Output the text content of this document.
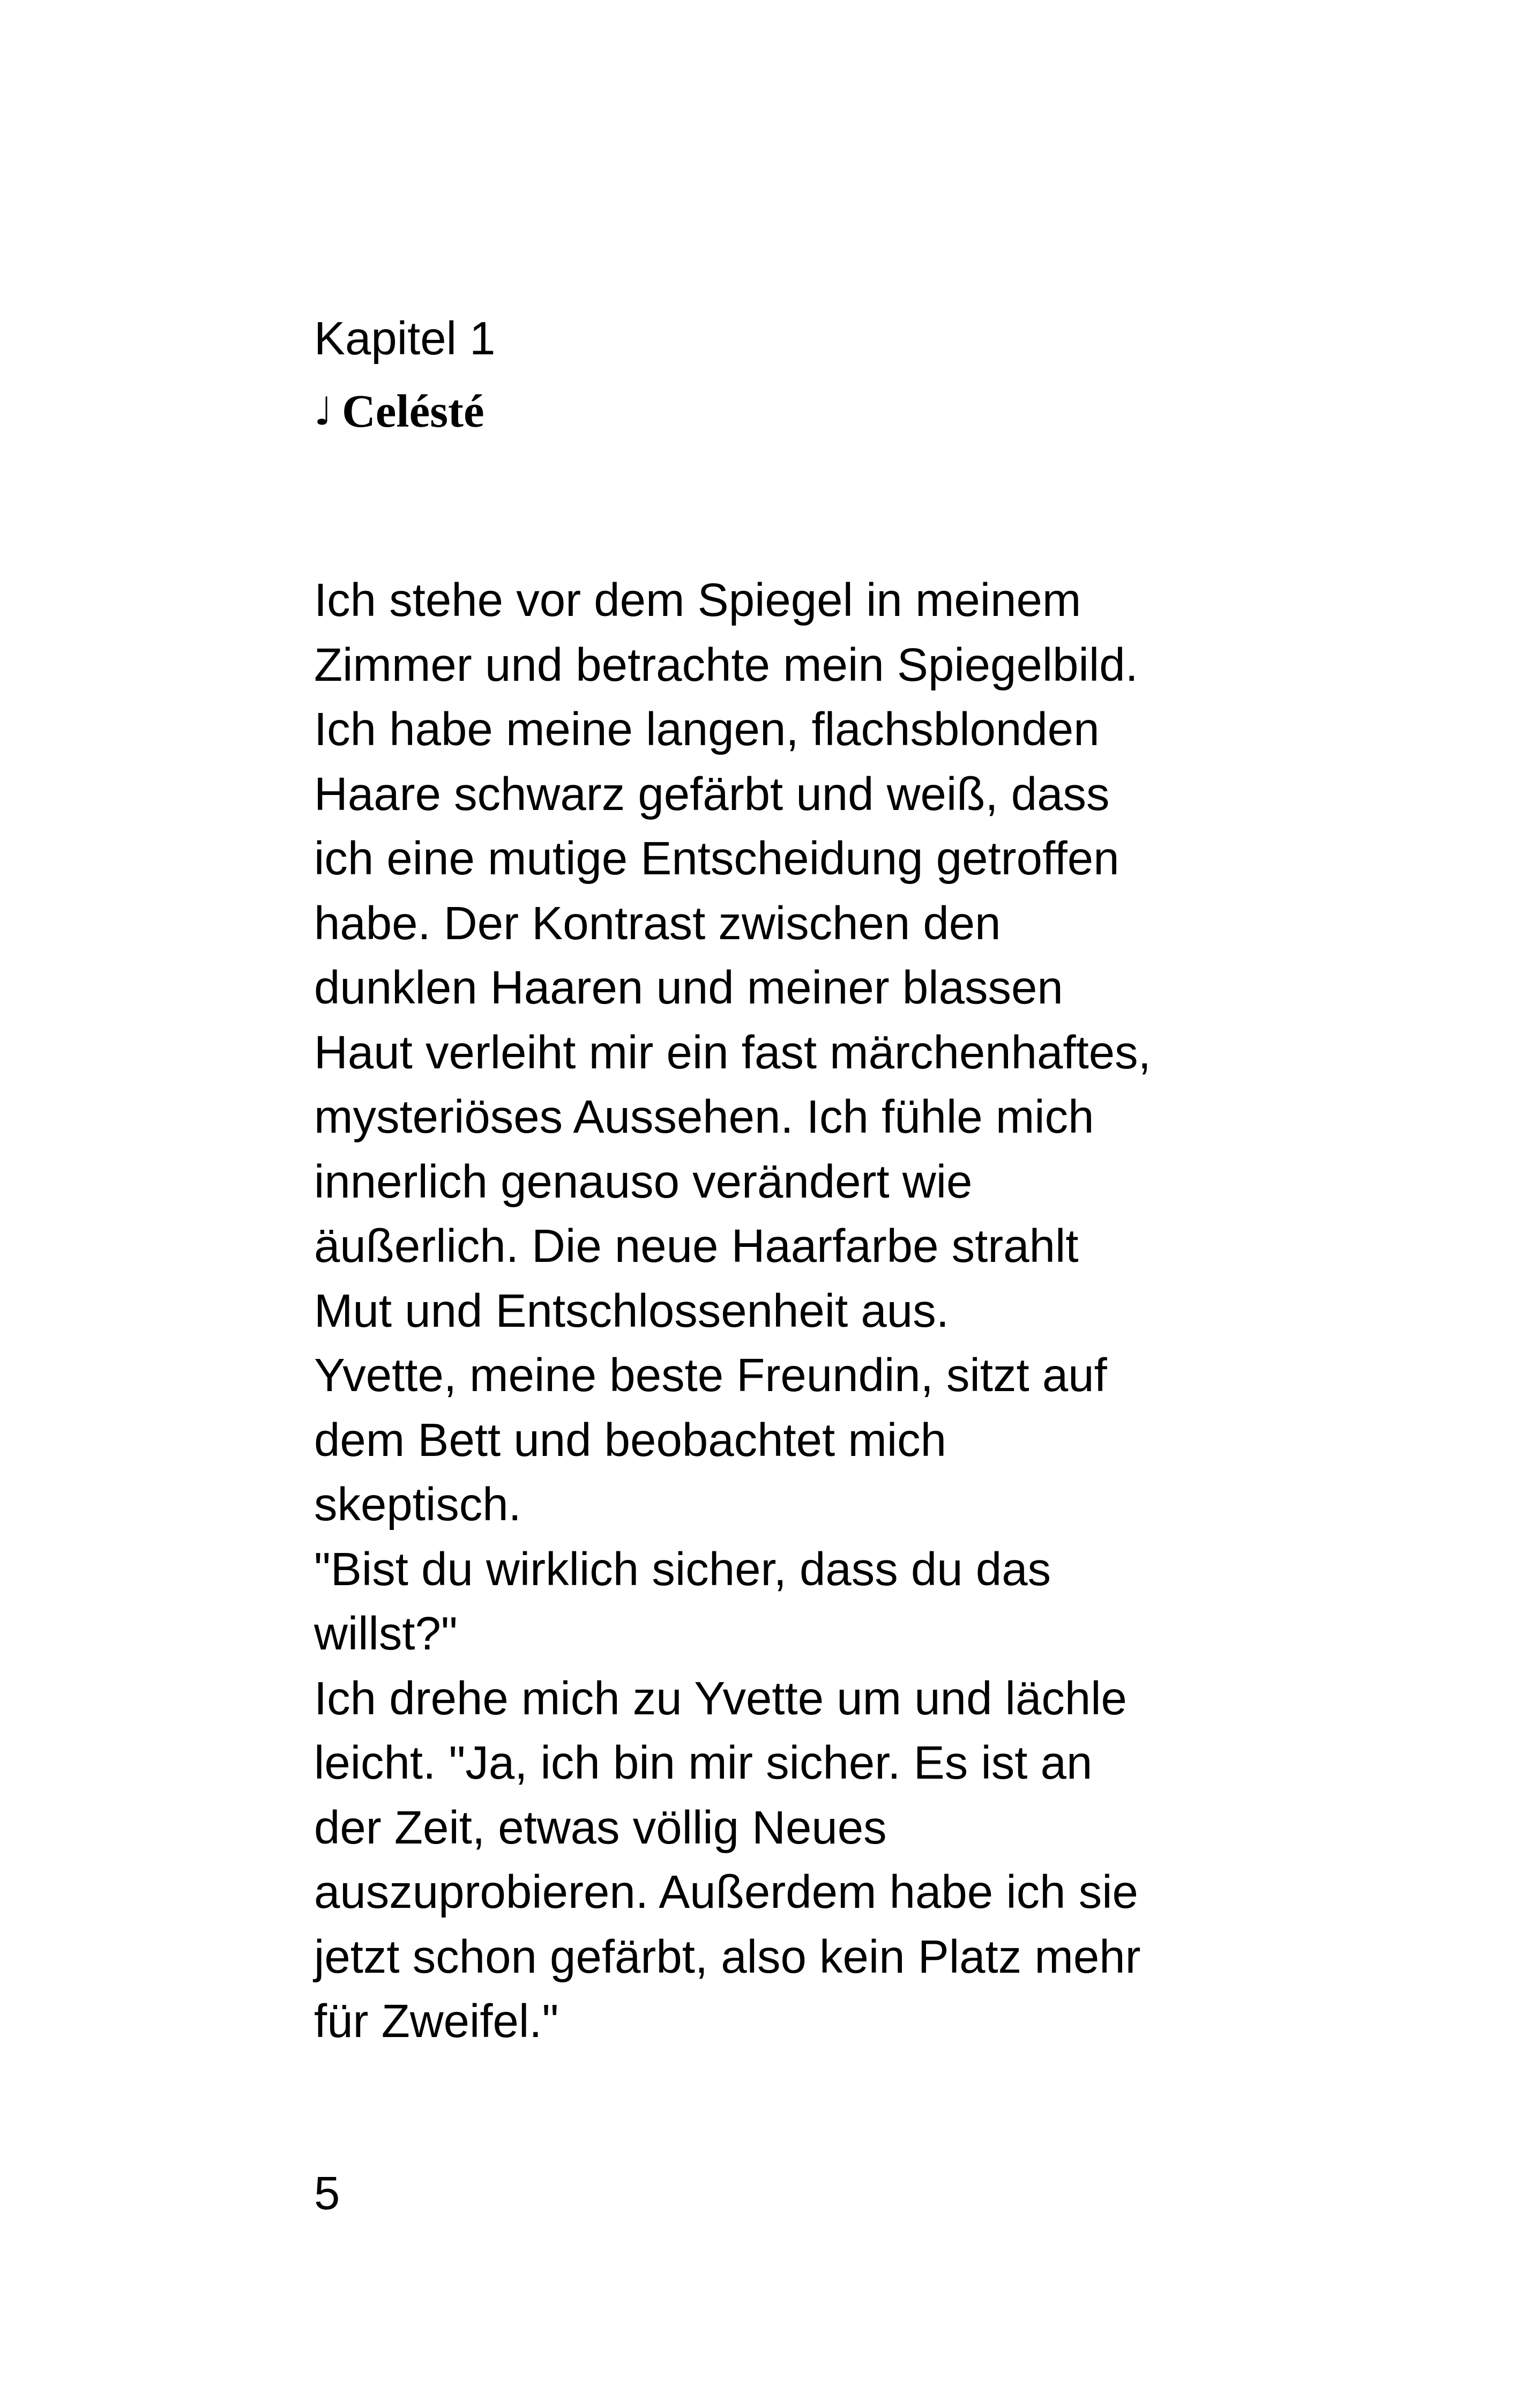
Kapitel 1
♩ Celésté
Ich stehe vor dem Spiegel in meinem
Zimmer und betrachte mein Spiegelbild.
Ich habe meine langen, flachsblonden
Haare schwarz gefärbt und weiß, dass
ich eine mutige Entscheidung getroffen
habe. Der Kontrast zwischen den
dunklen Haaren und meiner blassen
Haut verleiht mir ein fast märchenhaftes,
mysteriöses Aussehen. Ich fühle mich
innerlich genauso verändert wie
äußerlich. Die neue Haarfarbe strahlt
Mut und Entschlossenheit aus.
Yvette, meine beste Freundin, sitzt auf
dem Bett und beobachtet mich
skeptisch.
"Bist du wirklich sicher, dass du das
willst?"
Ich drehe mich zu Yvette um und lächle
leicht. "Ja, ich bin mir sicher. Es ist an
der Zeit, etwas völlig Neues
auszuprobieren. Außerdem habe ich sie
jetzt schon gefärbt, also kein Platz mehr
für Zweifel."
5
